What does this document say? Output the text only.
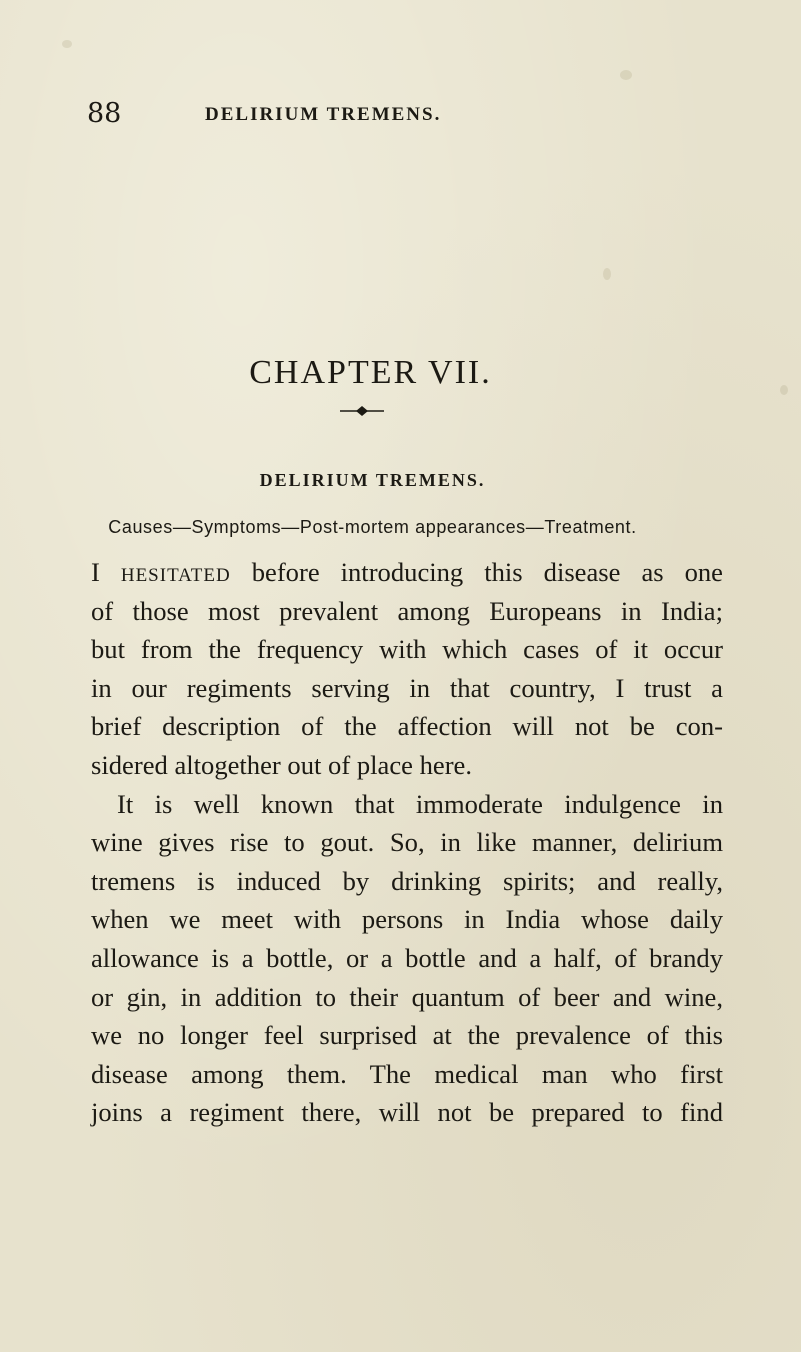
88	DELIRIUM TREMENS.
CHAPTER VII.
DELIRIUM TREMENS.
Causes—Symptoms—Post-mortem appearances—Treatment.

I hesitated before introducing this disease as one
of those most prevalent among Europeans in India;
but from the frequency with which cases of it occur
in our regiments serving in that country, I trust a
brief description of the affection will not be con-
sidered altogether out of place here.

It is well known that immoderate indulgence in
wine gives rise to gout. So, in like manner, delirium
tremens is induced by drinking spirits; and really,
when we meet with persons in India whose daily
allowance is a bottle, or a bottle and a half, of brandy
or gin, in addition to their quantum of beer and wine,
we no longer feel surprised at the prevalence of this
disease among them. The medical man who first
joins a regiment there, will not be prepared to find
